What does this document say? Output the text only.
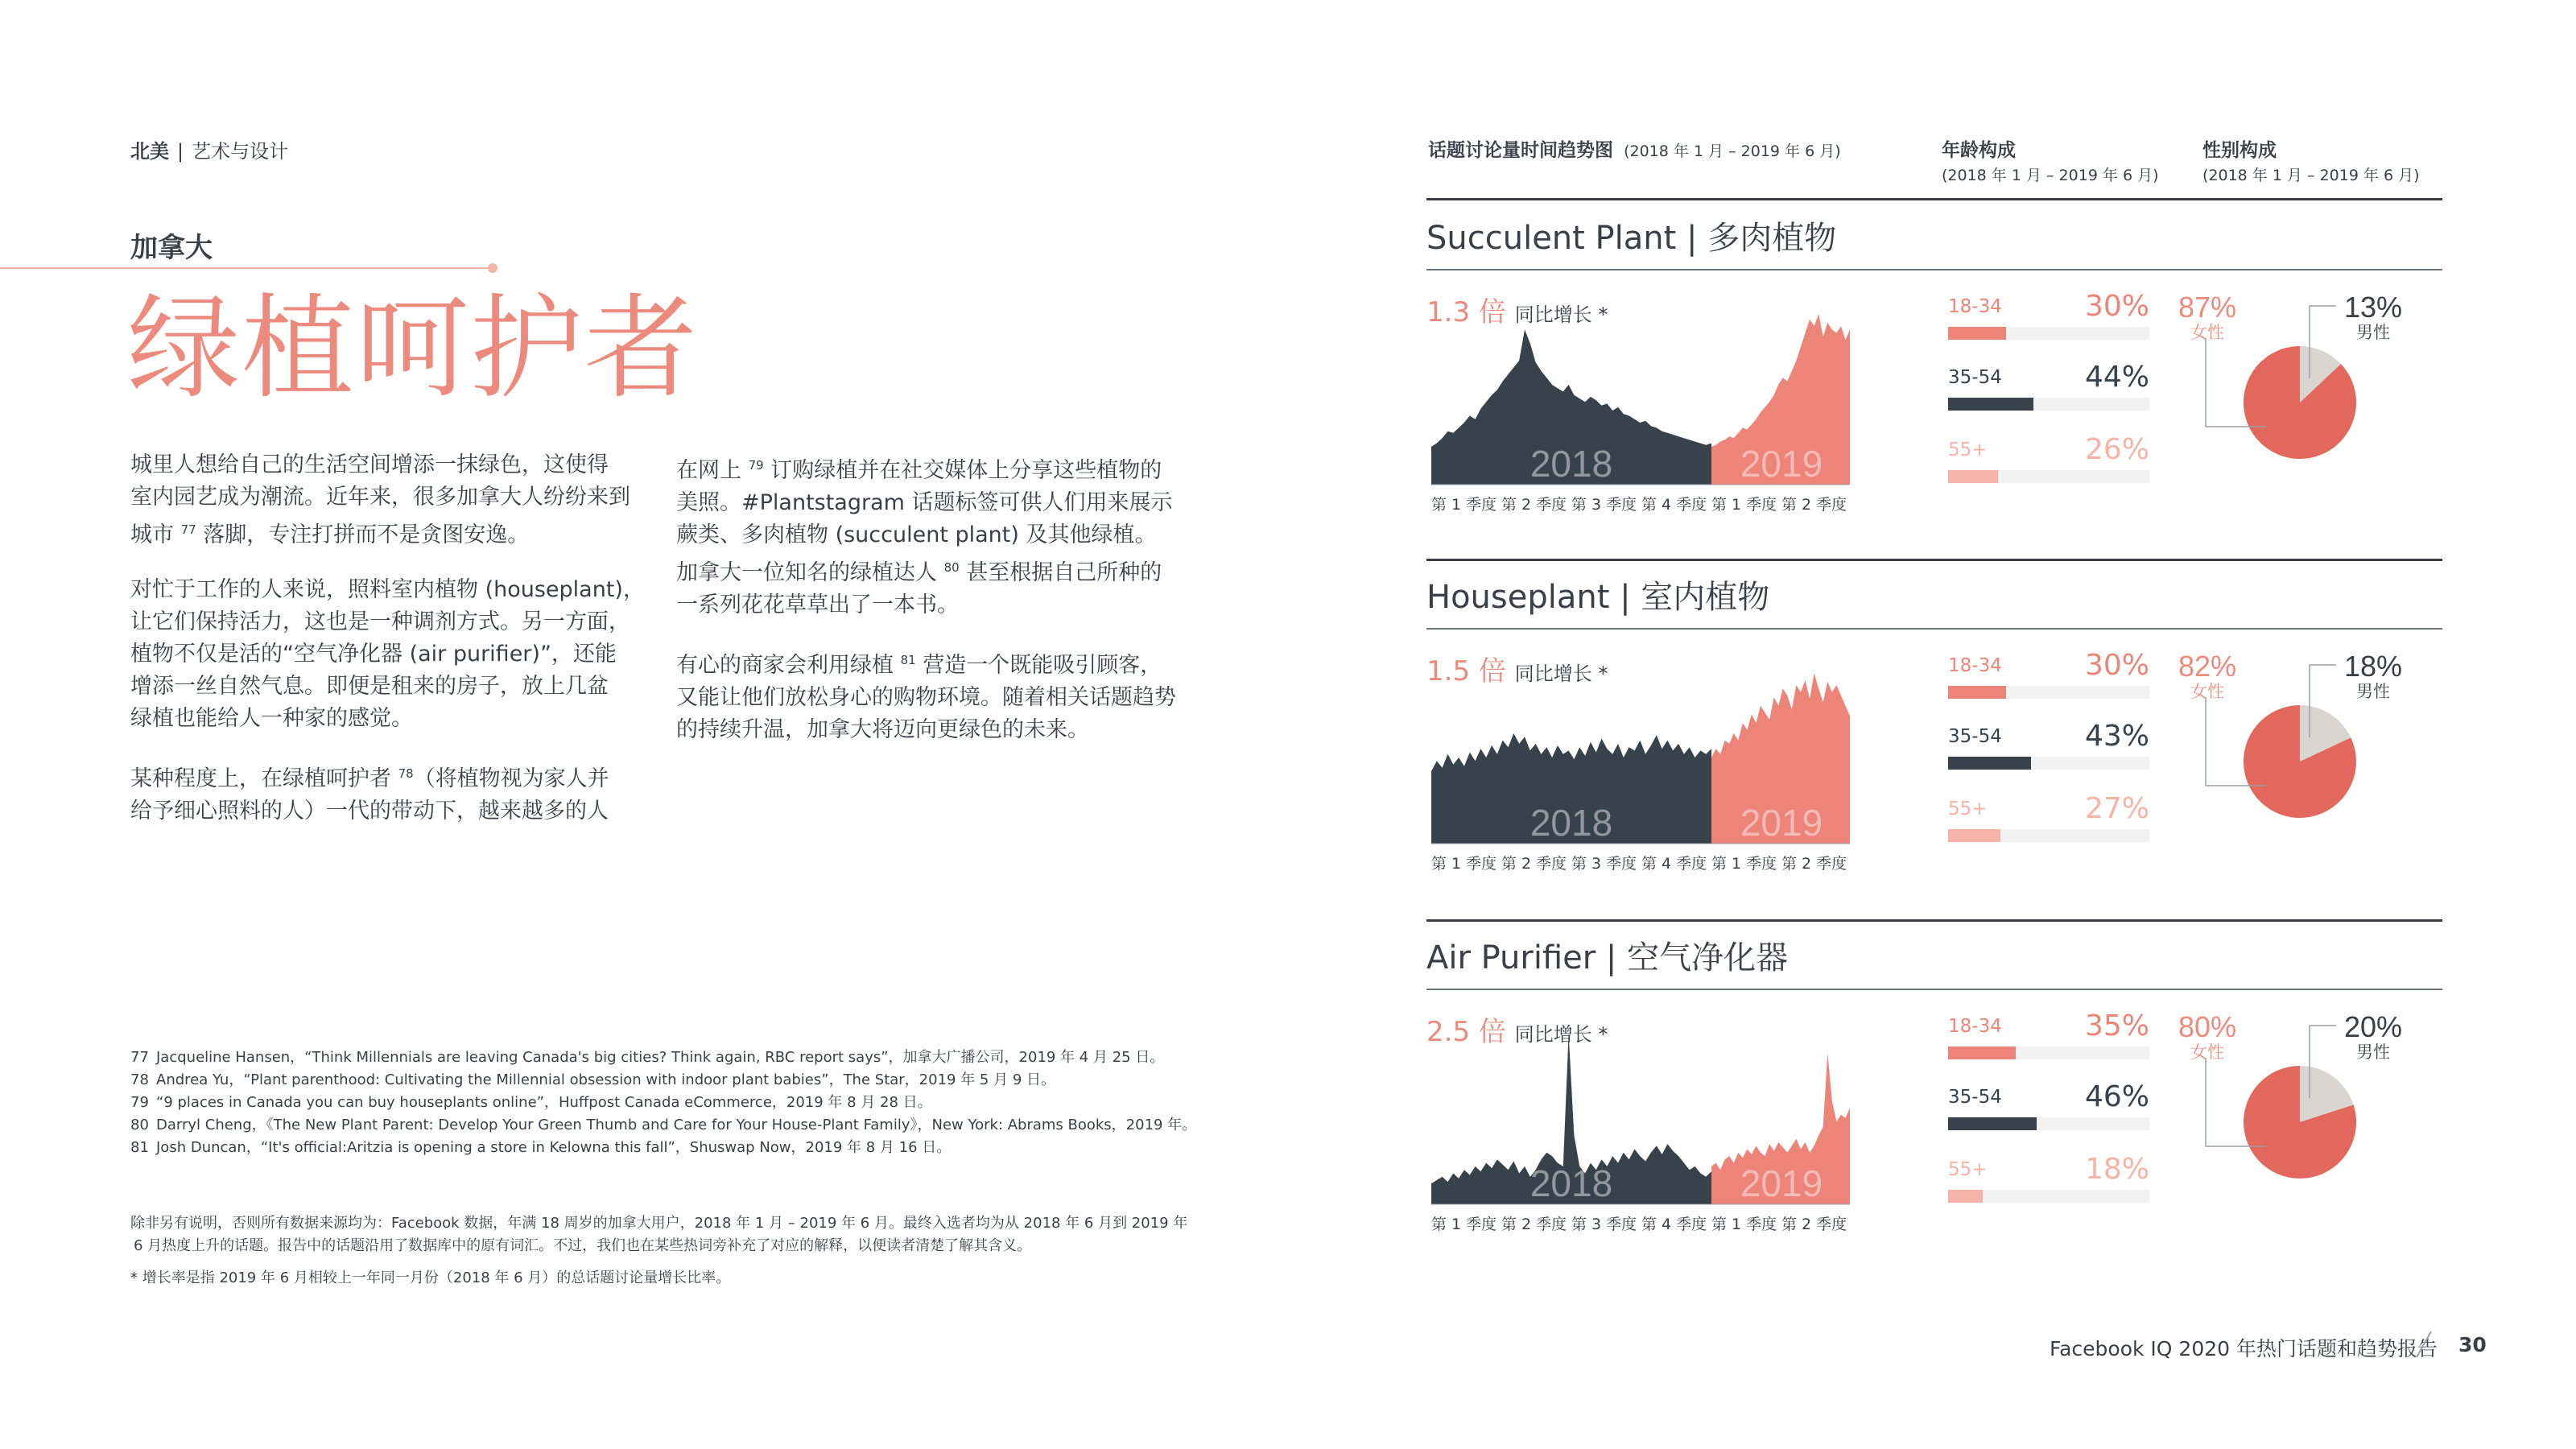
北美 | 艺术与设计
加拿大
绿植呵护者

城里人想给自己的生活空间增添一抹绿色，这使得
室内园艺成为潮流。近年来，很多加拿大人纷纷来到
城市 $^{77}$ 落脚，专注打拼而不是贪图安逸。

对忙于工作的人来说，照料室内植物 (houseplant)，
让它们保持活力，这也是一种调剂方式。另一方面，
植物不仅是活的“空气净化器 (air purifier)”，还能
增添一丝自然气息。即便是租来的房子，放上几盆
绿植也能给人一种家的感觉。

某种程度上，在绿植呵护者 $^{78}$（将植物视为家人并
给予细心照料的人）一代的带动下，越来越多的人

在网上 $^{79}$ 订购绿植并在社交媒体上分享这些植物的
美照。#Plantstagram 话题标签可供人们用来展示
蕨类、多肉植物 (succulent plant) 及其他绿植。
加拿大一位知名的绿植达人 $^{80}$ 甚至根据自己所种的
一系列花花草草出了一本书。

有心的商家会利用绿植 $^{81}$ 营造一个既能吸引顾客，
又能让他们放松身心的购物环境。随着相关话题趋势
的持续升温，加拿大将迈向更绿色的未来。

77 Jacqueline Hansen，“Think Millennials are leaving Canada's big cities? Think again, RBC report says”，加拿大广播公司，2019 年 4 月 25 日。
78 Andrea Yu，“Plant parenthood: Cultivating the Millennial obsession with indoor plant babies”，The Star，2019 年 5 月 9 日。
79 “9 places in Canada you can buy houseplants online”，Huffpost Canada eCommerce，2019 年 8 月 28 日。
80 Darryl Cheng，《The New Plant Parent: Develop Your Green Thumb and Care for Your House-Plant Family》，New York: Abrams Books，2019 年。
81 Josh Duncan，“It's official:Aritzia is opening a store in Kelowna this fall”，Shuswap Now，2019 年 8 月 16 日。
除非另有说明，否则所有数据来源均为：Facebook 数据，年满 18 周岁的加拿大用户，2018 年 1 月 – 2019 年 6 月。最终入选者均为从 2018 年 6 月到 2019 年
6 月热度上升的话题。报告中的话题沿用了数据库中的原有词汇。不过，我们也在某些热词旁补充了对应的解释，以便读者清楚了解其含义。
* 增长率是指 2019 年 6 月相较上一年同一月份（2018 年 6 月）的总话题讨论量增长比率。
话题讨论量时间趋势图 (2018 年 1 月 – 2019 年 6 月)	年龄构成
(2018 年 1 月 – 2019 年 6 月)
性别构成
(2018 年 1 月 – 2019 年 6 月)
Succulent Plant | 多肉植物
1.3 倍 同比增长 *
2018	2019
第 1 季度 第 2 季度 第 3 季度 第 4 季度 第 1 季度 第 2 季度
18-34	30%
35-54	44%
55+	26%
87%
女性
13%
男性
Houseplant | 室内植物
1.5 倍 同比增长 *
2018	2019
第 1 季度 第 2 季度 第 3 季度 第 4 季度 第 1 季度 第 2 季度
18-34	30%
35-54	43%
55+	27%
82%
女性
18%
男性
Air Purifier | 空气净化器
2.5 倍 同比增长 *
2018	2019
第 1 季度 第 2 季度 第 3 季度 第 4 季度 第 1 季度 第 2 季度
18-34	35%
35-54	46%
55+	18%
80%
女性
20%
男性
Facebook IQ 2020 年热门话题和趋势报告 30
